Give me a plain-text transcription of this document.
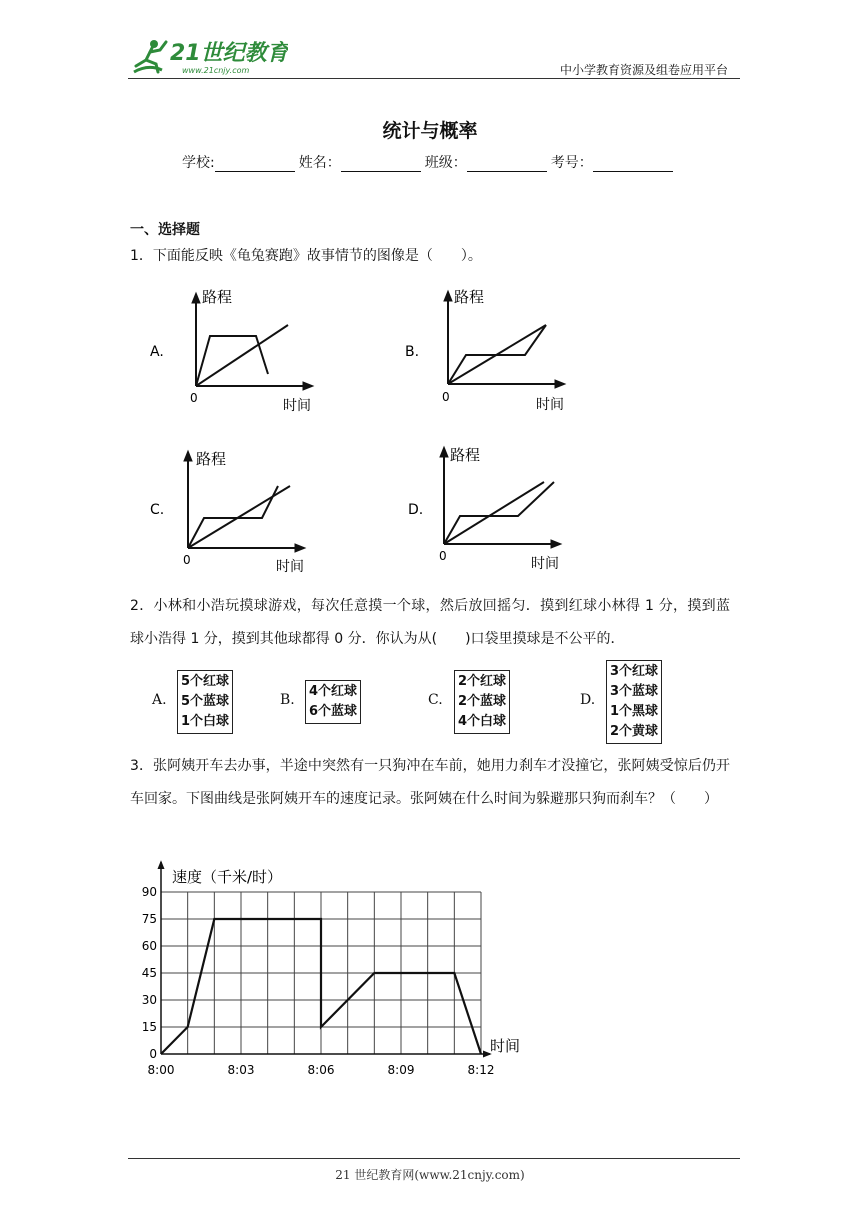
21世纪教育
www.21cnjy.com	中小学教育资源及组卷应用平台
统计与概率
学校:	姓名：	班级：	考号：
一、选择题
1．下面能反映《龟兔赛跑》故事情节的图像是（　　）。
A.
路程
时间
0
B.
路程
时间
0
C.
路程
时间
0
D.
路程
时间
0
2．小林和小浩玩摸球游戏，每次任意摸一个球，然后放回摇匀．摸到红球小林得 1 分，摸到蓝球小浩得 1 分，摸到其他球都得 0 分．你认为从(　　)口袋里摸球是不公平的．
A.
5个红球
5个蓝球
1个白球
B.
4个红球
6个蓝球
C.
2个红球
2个蓝球
4个白球
D.
3个红球
3个蓝球
1个黑球
2个黄球
3．张阿姨开车去办事，半途中突然有一只狗冲在车前，她用力刹车才没撞它，张阿姨受惊后仍开车回家。下图曲线是张阿姨开车的速度记录。张阿姨在什么时间为躲避那只狗而刹车？（　　）
速度（千米/时）
时间
0
15
30
45
60
75
90
8:00	8:03	8:06	8:09	8:12
21 世纪教育网(www.21cnjy.com)
